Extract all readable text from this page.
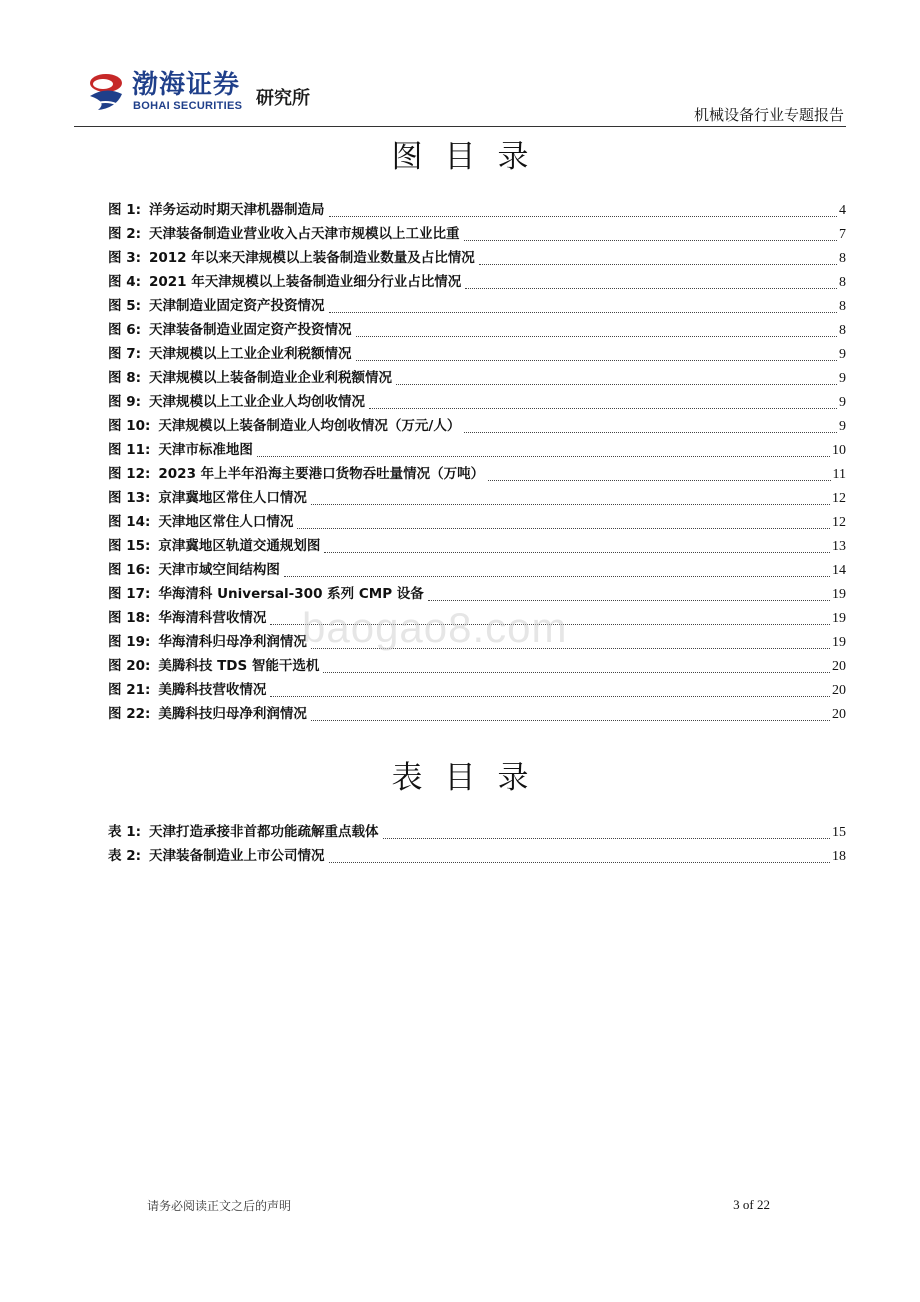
渤海证券
BOHAI SECURITIES 研究所
机械设备行业专题报告
图目录
图 1: 洋务运动时期天津机器制造局	4
图 2: 天津装备制造业营业收入占天津市规模以上工业比重	7
图 3: 2012 年以来天津规模以上装备制造业数量及占比情况	8
图 4: 2021 年天津规模以上装备制造业细分行业占比情况	8
图 5: 天津制造业固定资产投资情况	8
图 6: 天津装备制造业固定资产投资情况	8
图 7: 天津规模以上工业企业利税额情况	9
图 8: 天津规模以上装备制造业企业利税额情况	9
图 9: 天津规模以上工业企业人均创收情况	9
图 10: 天津规模以上装备制造业人均创收情况（万元/人）	9
图 11: 天津市标准地图	10
图 12: 2023 年上半年沿海主要港口货物吞吐量情况（万吨）	11
图 13: 京津冀地区常住人口情况	12
图 14: 天津地区常住人口情况	12
图 15: 京津冀地区轨道交通规划图	13
图 16: 天津市域空间结构图	14
图 17: 华海清科 Universal-300 系列 CMP 设备	19
图 18: 华海清科营收情况	19
图 19: 华海清科归母净利润情况	19
图 20: 美腾科技 TDS 智能干选机	20
图 21: 美腾科技营收情况	20
图 22: 美腾科技归母净利润情况	20
表目录
表 1: 天津打造承接非首都功能疏解重点载体	15
表 2: 天津装备制造业上市公司情况	18
baogao8.com
请务必阅读正文之后的声明	3 of 22
